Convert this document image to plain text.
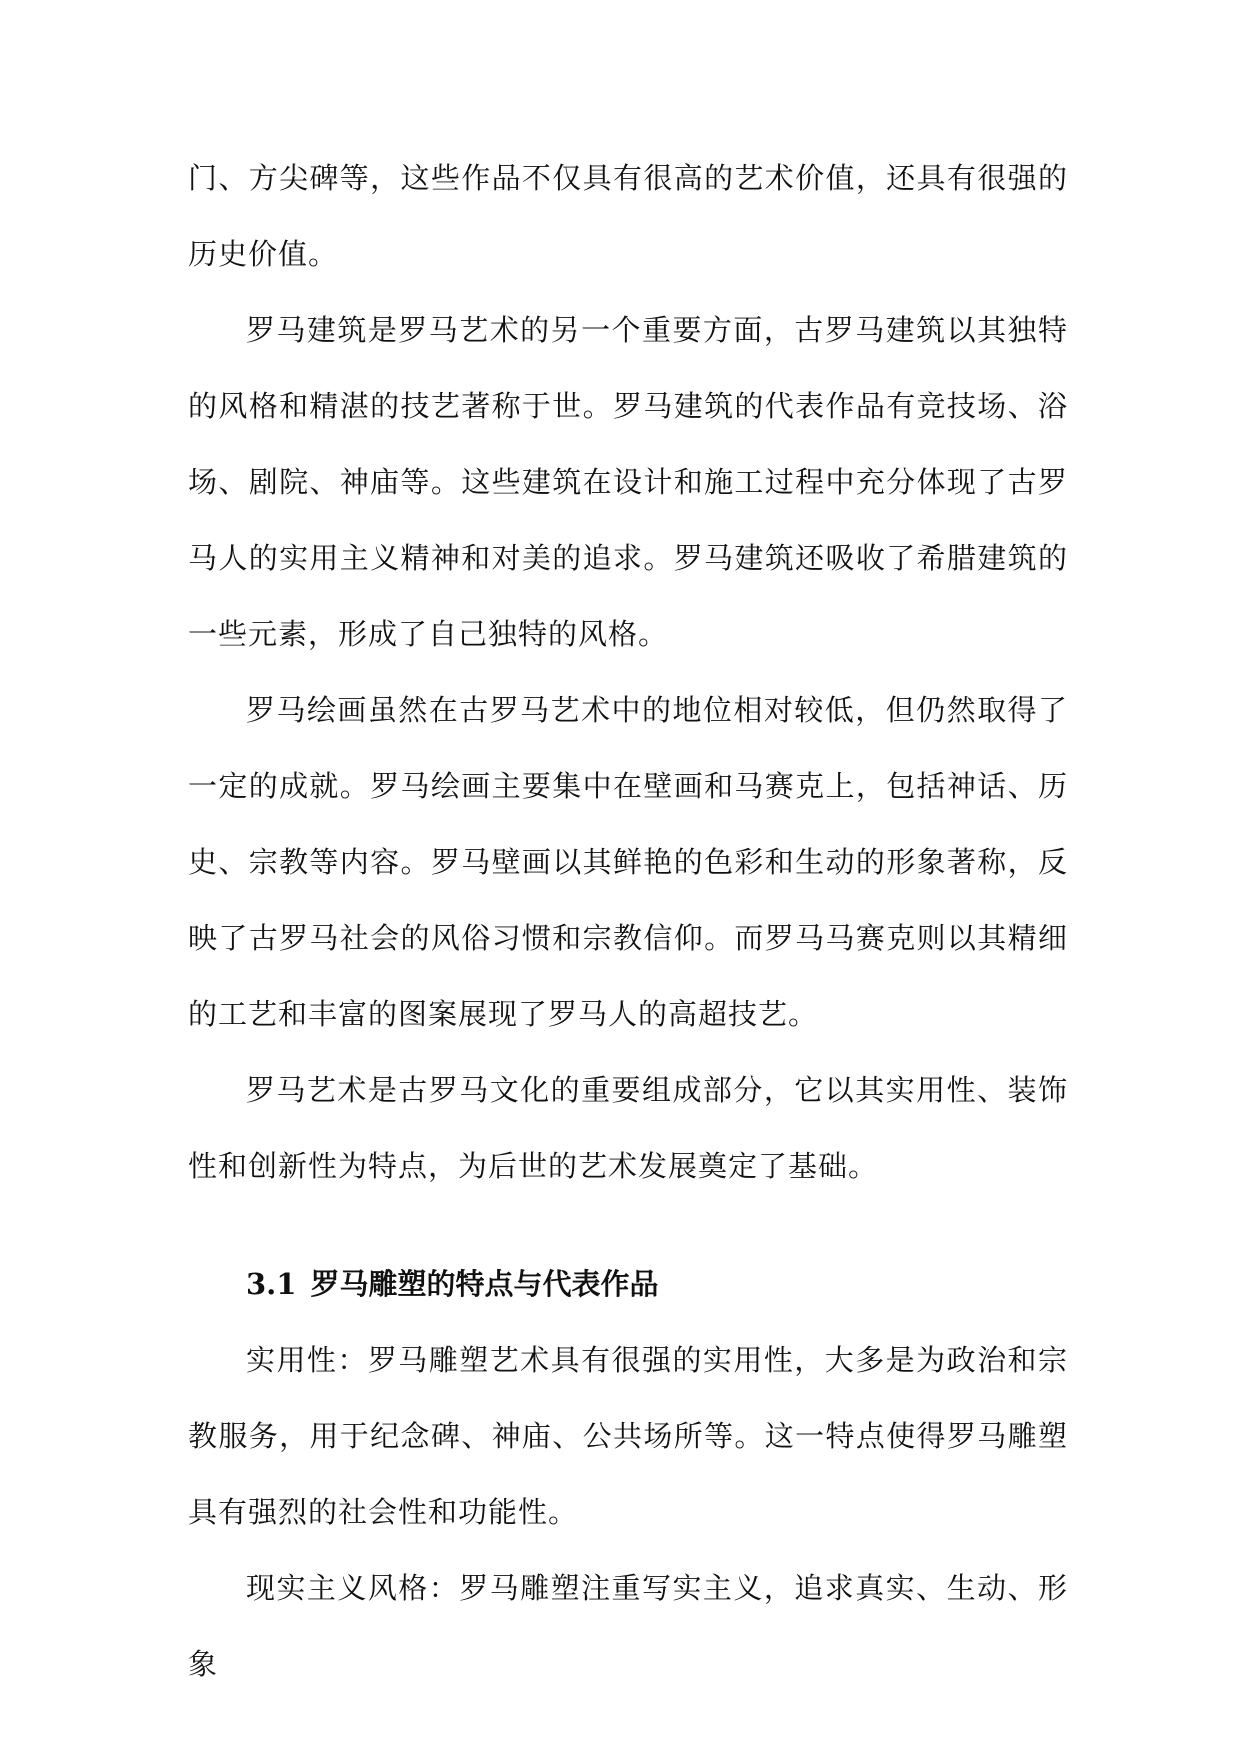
门、方尖碑等，这些作品不仅具有很高的艺术价值，还具有很强的历史价值。

罗马建筑是罗马艺术的另一个重要方面，古罗马建筑以其独特的风格和精湛的技艺著称于世。罗马建筑的代表作品有竞技场、浴场、剧院、神庙等。这些建筑在设计和施工过程中充分体现了古罗马人的实用主义精神和对美的追求。罗马建筑还吸收了希腊建筑的一些元素，形成了自己独特的风格。

罗马绘画虽然在古罗马艺术中的地位相对较低，但仍然取得了一定的成就。罗马绘画主要集中在壁画和马赛克上，包括神话、历史、宗教等内容。罗马壁画以其鲜艳的色彩和生动的形象著称，反映了古罗马社会的风俗习惯和宗教信仰。而罗马马赛克则以其精细的工艺和丰富的图案展现了罗马人的高超技艺。

罗马艺术是古罗马文化的重要组成部分，它以其实用性、装饰性和创新性为特点，为后世的艺术发展奠定了基础。

3.1 罗马雕塑的特点与代表作品

实用性：罗马雕塑艺术具有很强的实用性，大多是为政治和宗教服务，用于纪念碑、神庙、公共场所等。这一特点使得罗马雕塑具有强烈的社会性和功能性。

现实主义风格：罗马雕塑注重写实主义，追求真实、生动、形象
